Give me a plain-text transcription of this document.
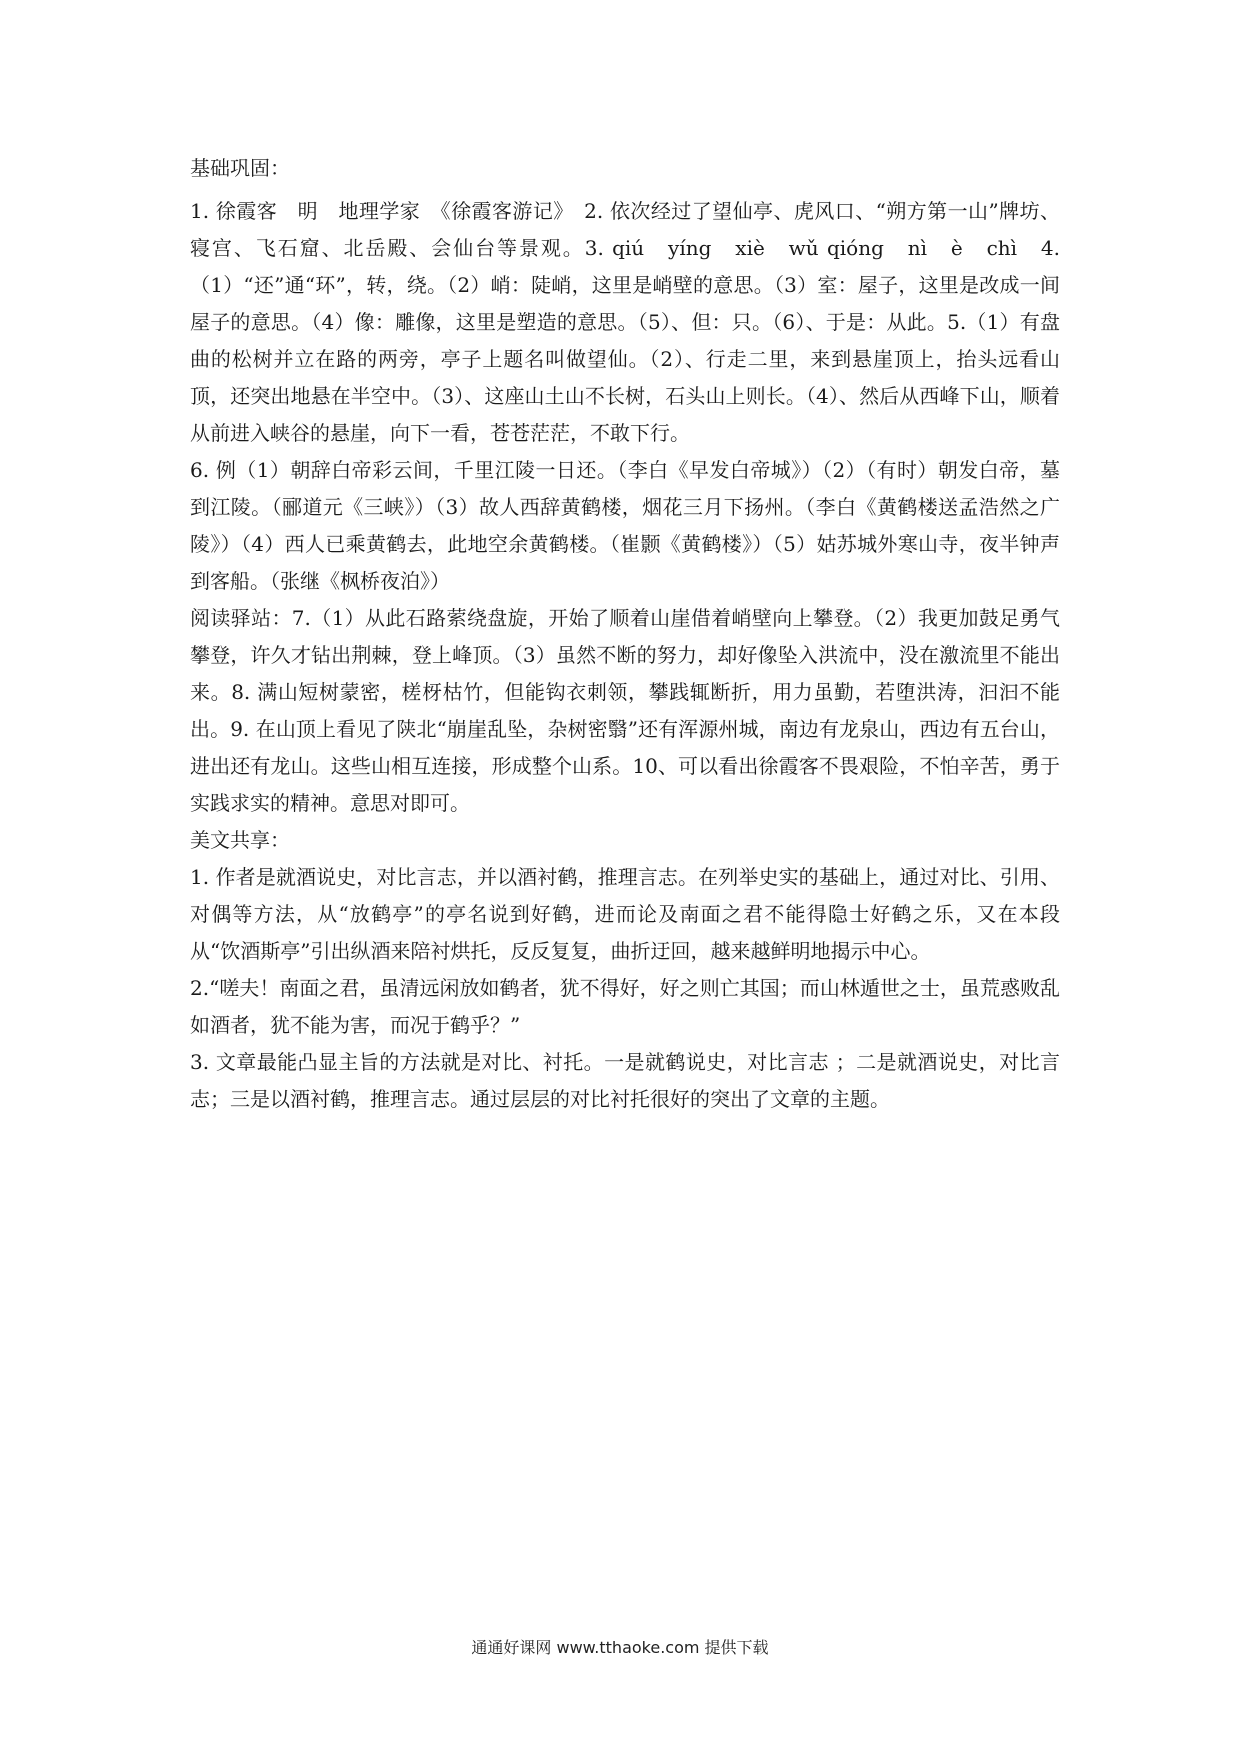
基础巩固：

1. 徐霞客　明　地理学家　《徐霞客游记》　2. 依次经过了望仙亭、虎风口、“朔方第一山”牌坊、寝宫、飞石窟、北岳殿、会仙台等景观。3. qiú　yíng　xiè　wǔ qióng　nì　è　chì　4.（1）“还”通“环”，转，绕。（2）峭：陡峭，这里是峭壁的意思。（3）室：屋子，这里是改成一间屋子的意思。（4）像：雕像，这里是塑造的意思。（5）、但：只。（6）、于是：从此。5.（1）有盘曲的松树并立在路的两旁，亭子上题名叫做望仙。（2）、行走二里，来到悬崖顶上，抬头远看山顶，还突出地悬在半空中。（3）、这座山土山不长树，石头山上则长。（4）、然后从西峰下山，顺着从前进入峡谷的悬崖，向下一看，苍苍茫茫，不敢下行。

6. 例（1）朝辞白帝彩云间，千里江陵一日还。（李白《早发白帝城》）（2）（有时）朝发白帝，墓到江陵。（郦道元《三峡》）（3）故人西辞黄鹤楼，烟花三月下扬州。（李白《黄鹤楼送孟浩然之广陵》）（4）西人已乘黄鹤去，此地空余黄鹤楼。（崔颢《黄鹤楼》）（5）姑苏城外寒山寺，夜半钟声到客船。（张继《枫桥夜泊》）

阅读驿站：7.（1）从此石路萦绕盘旋，开始了顺着山崖借着峭壁向上攀登。（2）我更加鼓足勇气攀登，许久才钻出荆棘，登上峰顶。（3）虽然不断的努力，却好像坠入洪流中，没在激流里不能出来。8. 满山短树蒙密，槎枒枯竹，但能钩衣刺领，攀践辄断折，用力虽勤，若堕洪涛，汩汩不能出。9. 在山顶上看见了陕北“崩崖乱坠，杂树密翳”还有浑源州城，南边有龙泉山，西边有五台山，进出还有龙山。这些山相互连接，形成整个山系。10、可以看出徐霞客不畏艰险，不怕辛苦，勇于实践求实的精神。意思对即可。

美文共享：

1. 作者是就酒说史，对比言志，并以酒衬鹤，推理言志。在列举史实的基础上，通过对比、引用、对偶等方法，从“放鹤亭”的亭名说到好鹤，进而论及南面之君不能得隐士好鹤之乐，又在本段从“饮酒斯亭”引出纵酒来陪衬烘托，反反复复，曲折迂回，越来越鲜明地揭示中心。

2.“嗟夫！南面之君，虽清远闲放如鹤者，犹不得好，好之则亡其国；而山林遁世之士，虽荒惑败乱如酒者，犹不能为害，而况于鹤乎？”

3. 文章最能凸显主旨的方法就是对比、衬托。一是就鹤说史，对比言志 ；二是就酒说史，对比言志；三是以酒衬鹤，推理言志。通过层层的对比衬托很好的突出了文章的主题。

通通好课网 www.tthaoke.com 提供下载
